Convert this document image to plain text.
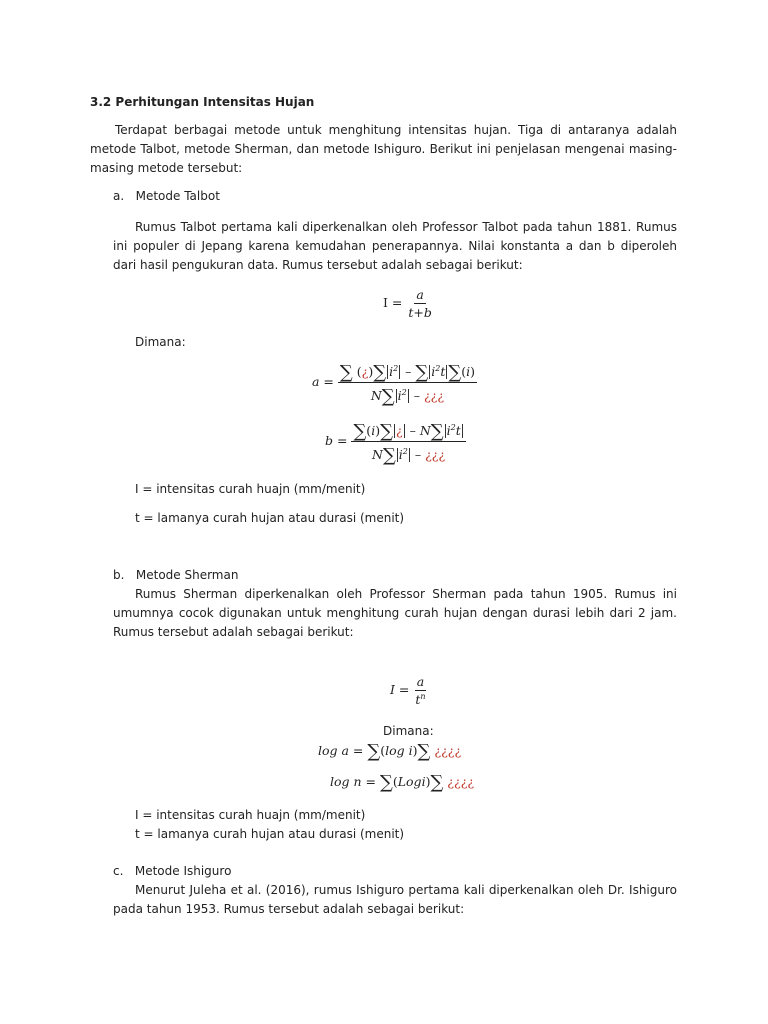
3.2 Perhitungan Intensitas Hujan
Terdapat berbagai metode untuk menghitung intensitas hujan. Tiga di antaranya adalah metode Talbot, metode Sherman, dan metode Ishiguro. Berikut ini penjelasan mengenai masing-masing metode tersebut:
a.   Metode Talbot
Rumus Talbot pertama kali diperkenalkan oleh Professor Talbot pada tahun 1881. Rumus ini populer di Jepang karena kemudahan penerapannya. Nilai konstanta a dan b diperoleh dari hasil pengukuran data. Rumus tersebut adalah sebagai berikut:
$I = \frac{a}{t+b}$
Dimana:
$a = \frac{\sum (¿)\sum i^2 - \sum i^2t \sum(i)}{N\sum i^2 - ¿¿¿}$
$b = \frac{\sum(i)\sum ¿ - N\sum i^2t}{N\sum i^2 - ¿¿¿}$
I = intensitas curah huajn (mm/menit)
t = lamanya curah hujan atau durasi (menit)
b.   Metode Sherman
Rumus Sherman diperkenalkan oleh Professor Sherman pada tahun 1905. Rumus ini umumnya cocok digunakan untuk menghitung curah hujan dengan durasi lebih dari 2 jam. Rumus tersebut adalah sebagai berikut:
$I = \frac{a}{t^n}$
Dimana:
log a = ∑(log i)∑ ¿¿¿¿
log n = ∑(Logi)∑ ¿¿¿¿
I = intensitas curah huajn (mm/menit)
t = lamanya curah hujan atau durasi (menit)
c.   Metode Ishiguro
Menurut Juleha et al. (2016), rumus Ishiguro pertama kali diperkenalkan oleh Dr. Ishiguro pada tahun 1953. Rumus tersebut adalah sebagai berikut:
